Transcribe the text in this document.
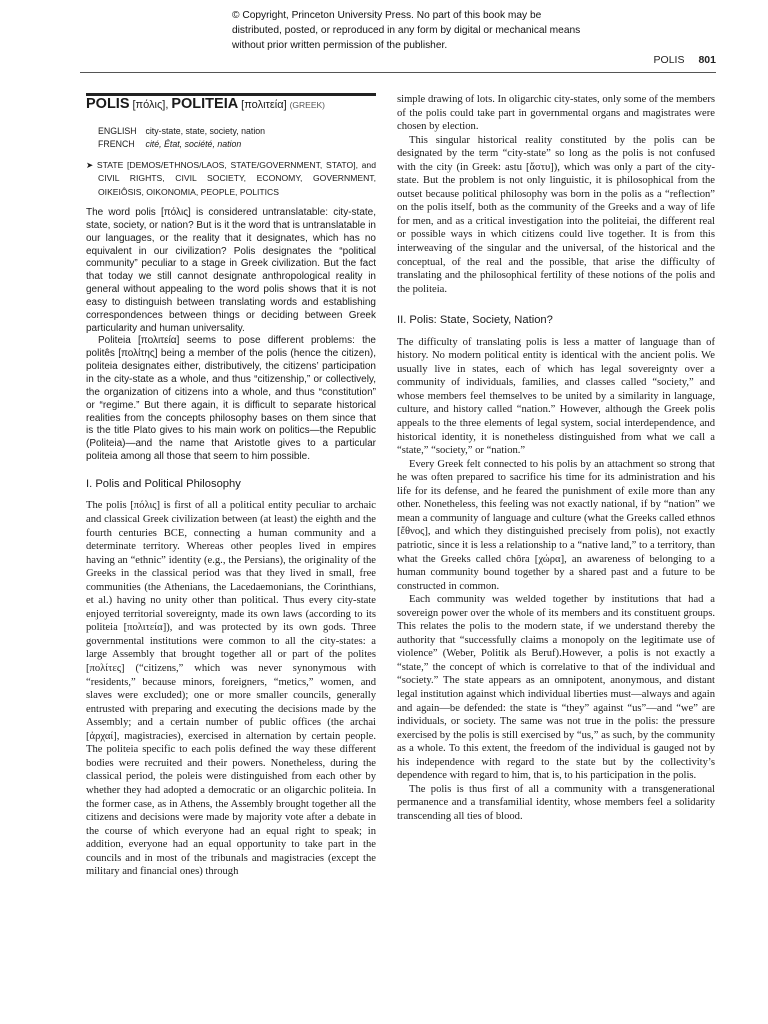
© Copyright, Princeton University Press. No part of this book may be distributed, posted, or reproduced in any form by digital or mechanical means without prior written permission of the publisher.
POLIS 801
POLIS [πόλις], POLITEIA [πολιτεία] (GREEK)
ENGLISH city-state, state, society, nation
FRENCH cité, État, société, nation
➤ STATE [DEMOS/ETHNOS/LAOS, STATE/GOVERNMENT, STATO], and CIVIL RIGHTS, CIVIL SOCIETY, ECONOMY, GOVERNMENT, OIKEIÔSIS, OIKONOMIA, PEOPLE, POLITICS

The word polis [πόλις] is considered untranslatable: city-state, state, society, or nation? But is it the word that is untranslatable in our languages, or the reality that it designates, which has no equivalent in our civilization? Polis designates the “political community” peculiar to a stage in Greek civilization. But the fact that today we still cannot designate anthropological reality in general without appealing to the word polis shows that it is not easy to distinguish between translating words and establishing correspondences between things or deciding between Greek particularity and human universality.

Politeia [πολιτεία] seems to pose different problems: the politês [πολίτης] being a member of the polis (hence the citizen), politeia designates either, distributively, the citizens’ participation in the city-state as a whole, and thus “citizenship,” or collectively, the organization of citizens into a whole, and thus “constitution” or “regime.” But there again, it is difficult to separate historical realities from the concepts philosophy bases on them since that is the title Plato gives to his main work on politics—the Republic (Politeia)—and the name that Aristotle gives to a particular politeia among all those that seem to him possible.

I. Polis and Political Philosophy

The polis [πόλις] is first of all a political entity peculiar to archaic and classical Greek civilization between (at least) the eighth and the fourth centuries BCE, connecting a human community and a determinate territory. Whereas other peoples lived in empires having an “ethnic” identity (e.g., the Persians), the originality of the Greeks in the classical period was that they lived in small, free communities (the Athenians, the Lacedaemonians, the Corinthians, et al.) having no unity other than political. Thus every city-state enjoyed territorial sovereignty, made its own laws (according to its politeia [πολιτεία]), and was protected by its own gods. Three governmental institutions were common to all the city-states: a large Assembly that brought together all or part of the polites [πολίτες] (“citizens,” which was never synonymous with “residents,” because minors, foreigners, “metics,” women, and slaves were excluded); one or more smaller councils, generally entrusted with preparing and executing the decisions made by the Assembly; and a certain number of public offices (the archai [ἀρχαί], magistracies), exercised in alternation by certain people. The politeia specific to each polis defined the way these different bodies were recruited and their powers. Nonetheless, during the classical period, the poleis were distinguished from each other by whether they had adopted a democratic or an oligarchic politeia. In the former case, as in Athens, the Assembly brought together all the citizens and decisions were made by majority vote after a debate in the course of which everyone had an equal right to speak; in addition, everyone had an equal opportunity to take part in the councils and in most of the tribunals and magistracies (except the military and financial ones) through

simple drawing of lots. In oligarchic city-states, only some of the members of the polis could take part in governmental organs and magistrates were chosen by election.

This singular historical reality constituted by the polis can be designated by the term “city-state” so long as the polis is not confused with the city (in Greek: astu [ἄστυ]), which was only a part of the city-state. But the problem is not only linguistic, it is philosophical from the outset because political philosophy was born in the polis as a “reflection” on the polis itself, both as the community of the Greeks and a way of life for men, and as a critical investigation into the politeiai, the different real or possible ways in which citizens could live together. It is from this interweaving of the singular and the universal, of the historical and the conceptual, of the real and the possible, that arise the difficulty of translating and the philosophical fertility of these notions of the polis and the politeia.

II. Polis: State, Society, Nation?

The difficulty of translating polis is less a matter of language than of history. No modern political entity is identical with the ancient polis. We usually live in states, each of which has legal sovereignty over a community of individuals, families, and classes called “society,” and whose members feel themselves to be united by a similarity in language, culture, and history called “nation.” However, although the Greek polis appeals to the three elements of legal system, social interdependence, and historical identity, it is nonetheless distinguished from what we call a “state,” “society,” or “nation.”

Every Greek felt connected to his polis by an attachment so strong that he was often prepared to sacrifice his time for its administration and his life for its defense, and he feared the punishment of exile more than any other. Nonetheless, this feeling was not exactly national, if by “nation” we mean a community of language and culture (what the Greeks called ethnos [ἔθνος], and which they distinguished precisely from polis), not exactly patriotic, since it is less a relationship to a “native land,” to a territory, than what the Greeks called chôra [χώρα], an awareness of belonging to a human community bound together by a shared past and a future to be constructed in common.

Each community was welded together by institutions that had a sovereign power over the whole of its members and its constituent groups. This relates the polis to the modern state, if we understand thereby the authority that “successfully claims a monopoly on the legitimate use of violence” (Weber, Politik als Beruf).However, a polis is not exactly a “state,” the concept of which is correlative to that of the individual and “society.” The state appears as an omnipotent, anonymous, and distant legal institution against which individual liberties must—always and again and again—be defended: the state is “they” against “us”—and “we” are individuals, or society. The same was not true in the polis: the pressure exercised by the polis is still exercised by “us,” as such, by the community as a whole. To this extent, the freedom of the individual is gauged not by his independence with regard to the state but by the collectivity’s dependence with regard to him, that is, to his participation in the polis.

The polis is thus first of all a community with a transgenerational permanence and a transfamilial identity, whose members feel a solidarity transcending all ties of blood.
